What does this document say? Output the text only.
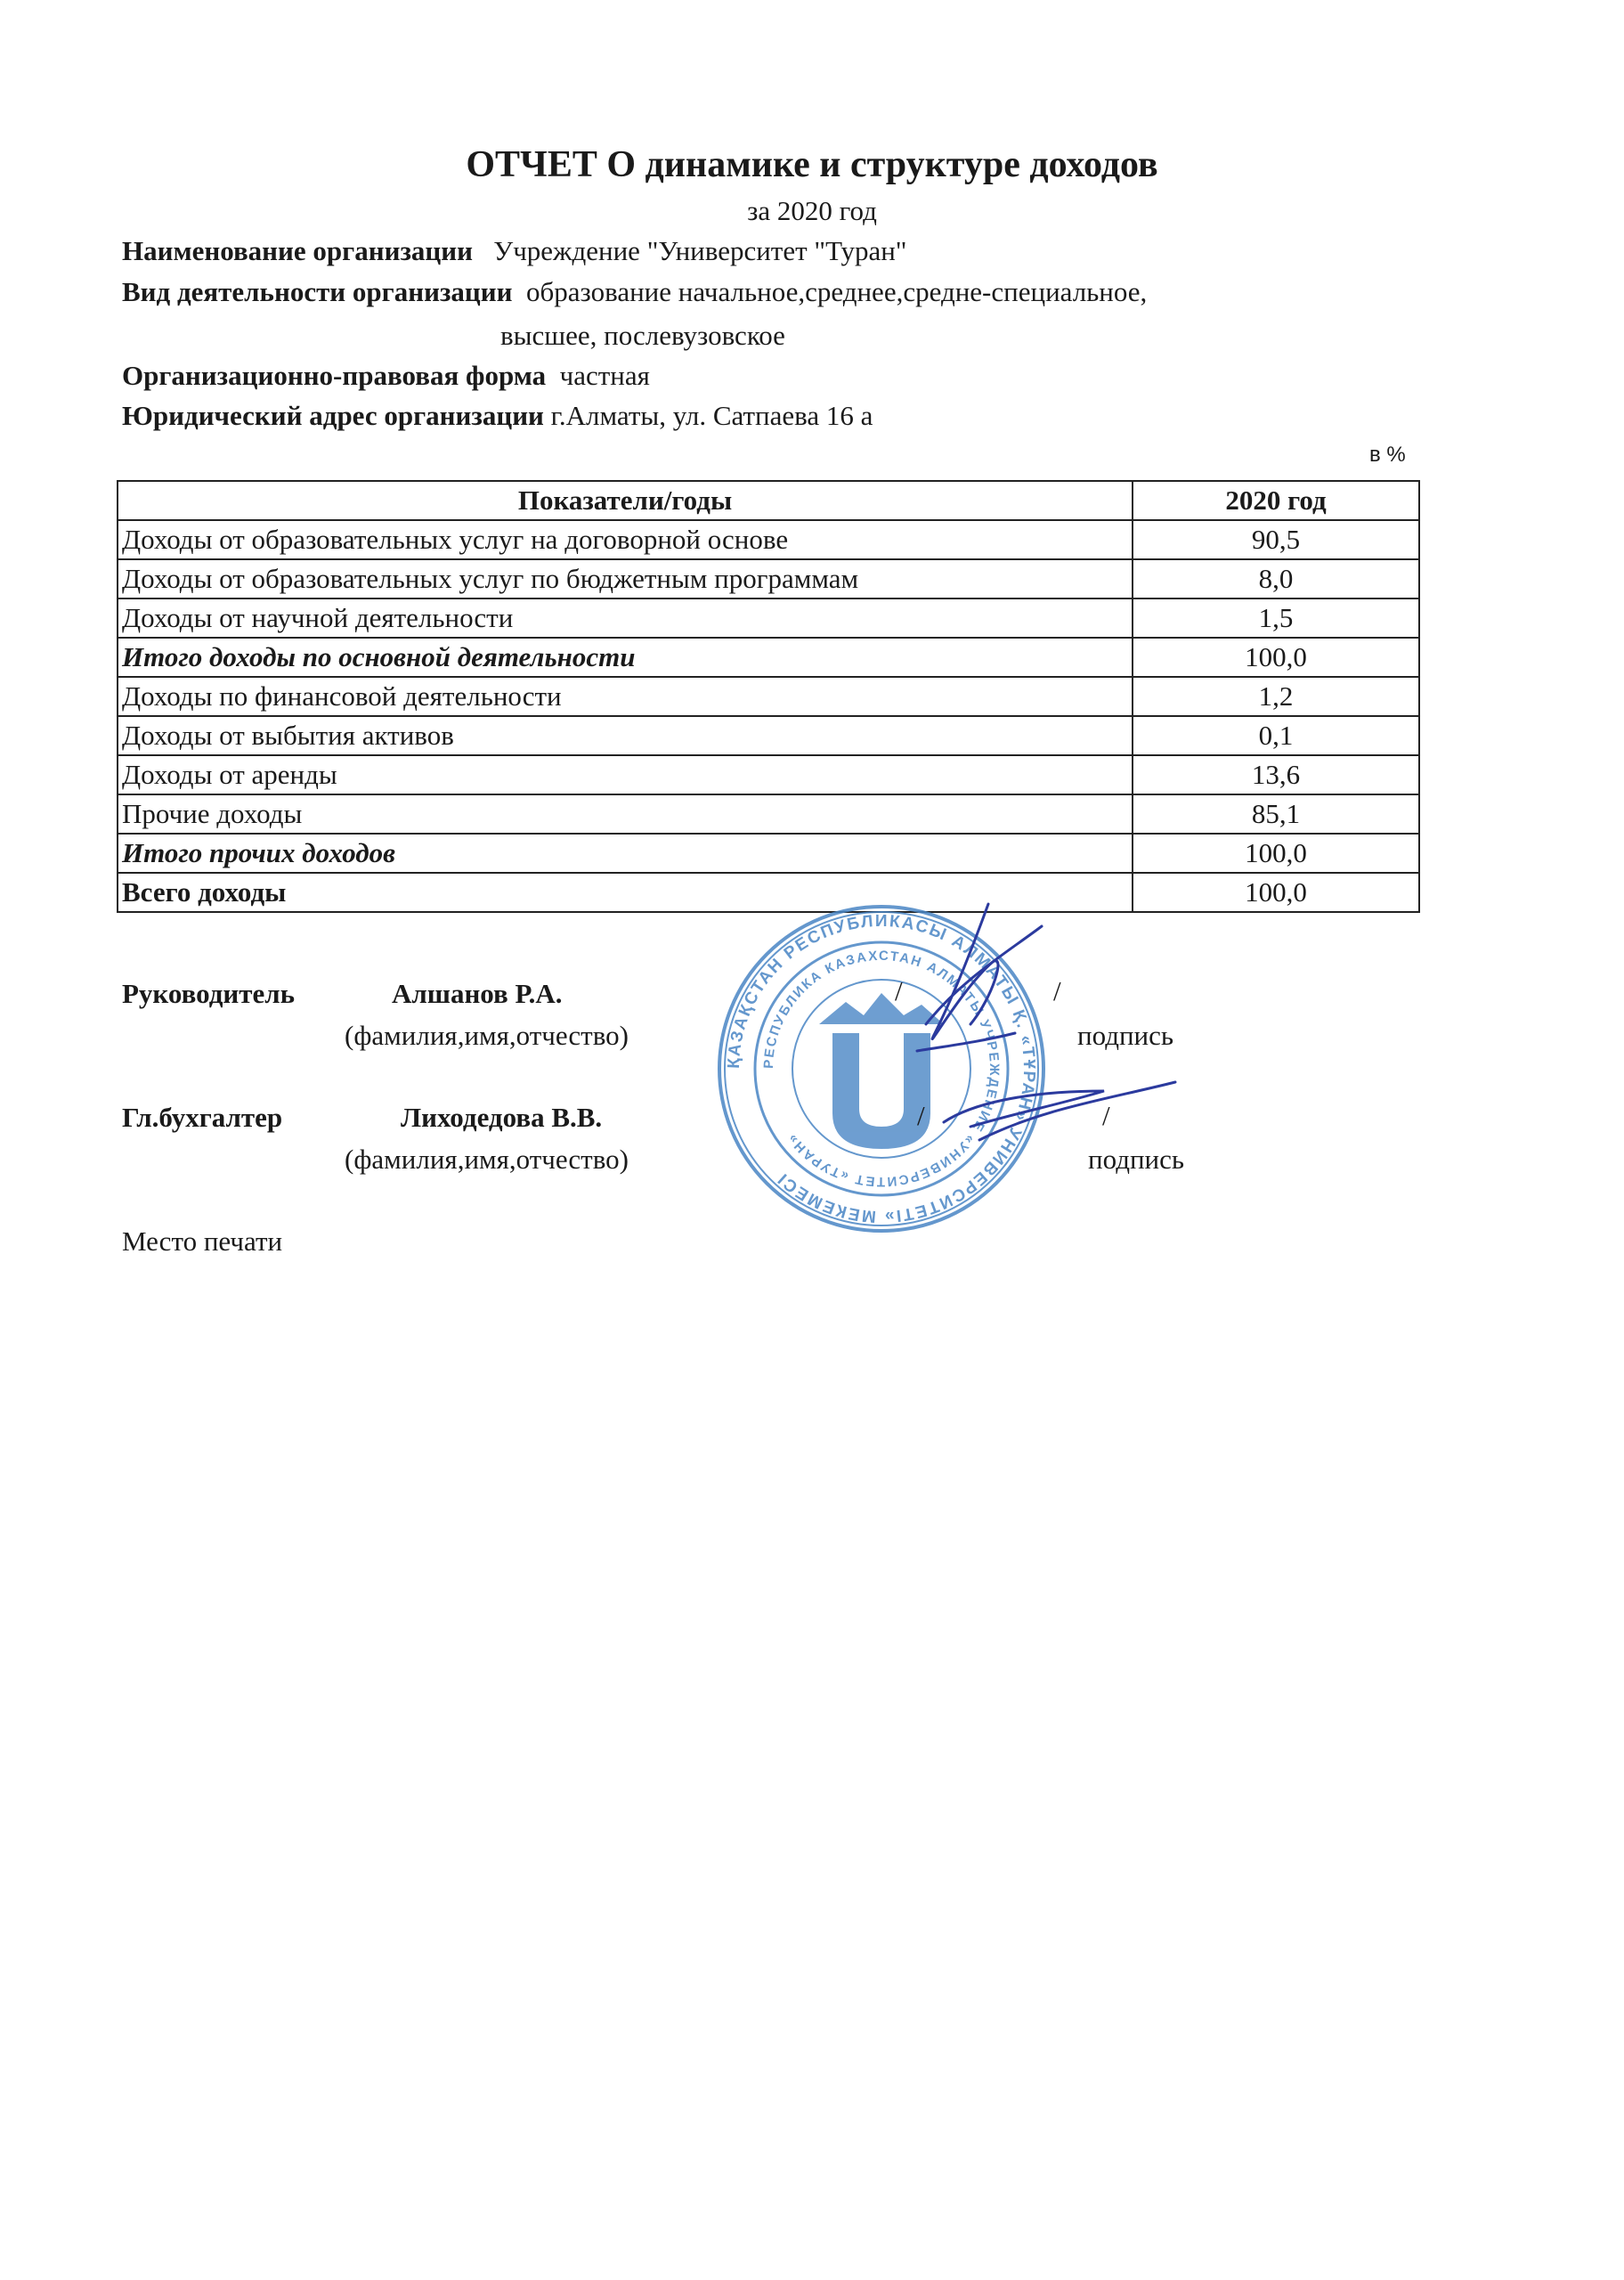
ОТЧЕТ О динамике и структуре доходов
за 2020 год
Наименование организации Учреждение "Университет "Туран"
Вид деятельности организации образование начальное,среднее,средне-специальное,
высшее, послевузовское
Организационно-правовая форма частная
Юридический адрес организации г.Алматы, ул. Сатпаева 16 а
в %
Показатели/годы	2020 год
Доходы от образовательных услуг на договорной основе	90,5
Доходы от образовательных услуг по бюджетным программам	8,0
Доходы от научной деятельности	1,5
Итого доходы по основной деятельности	100,0
Доходы по финансовой деятельности	1,2
Доходы от выбытия активов	0,1
Доходы от аренды	13,6
Прочие доходы	85,1
Итого прочих доходов	100,0
Всего доходы	100,0
ҚАЗАҚСТАН РЕСПУБЛИКАСЫ АЛМАТЫ Қ. «ТҰРАН» УНИВЕРСИТЕТІ» МЕКЕМЕСІ
РЕСПУБЛИКА КАЗАХСТАН АЛМАТЫ УЧРЕЖДЕНИЕ «УНИВЕРСИТЕТ «ТУРАН»
Руководитель	Алшанов Р.А.	/	/
(фамилия,имя,отчество)	подпись
Гл.бухгалтер	Лиходедова В.В.	/	/
(фамилия,имя,отчество)	подпись
Место печати
